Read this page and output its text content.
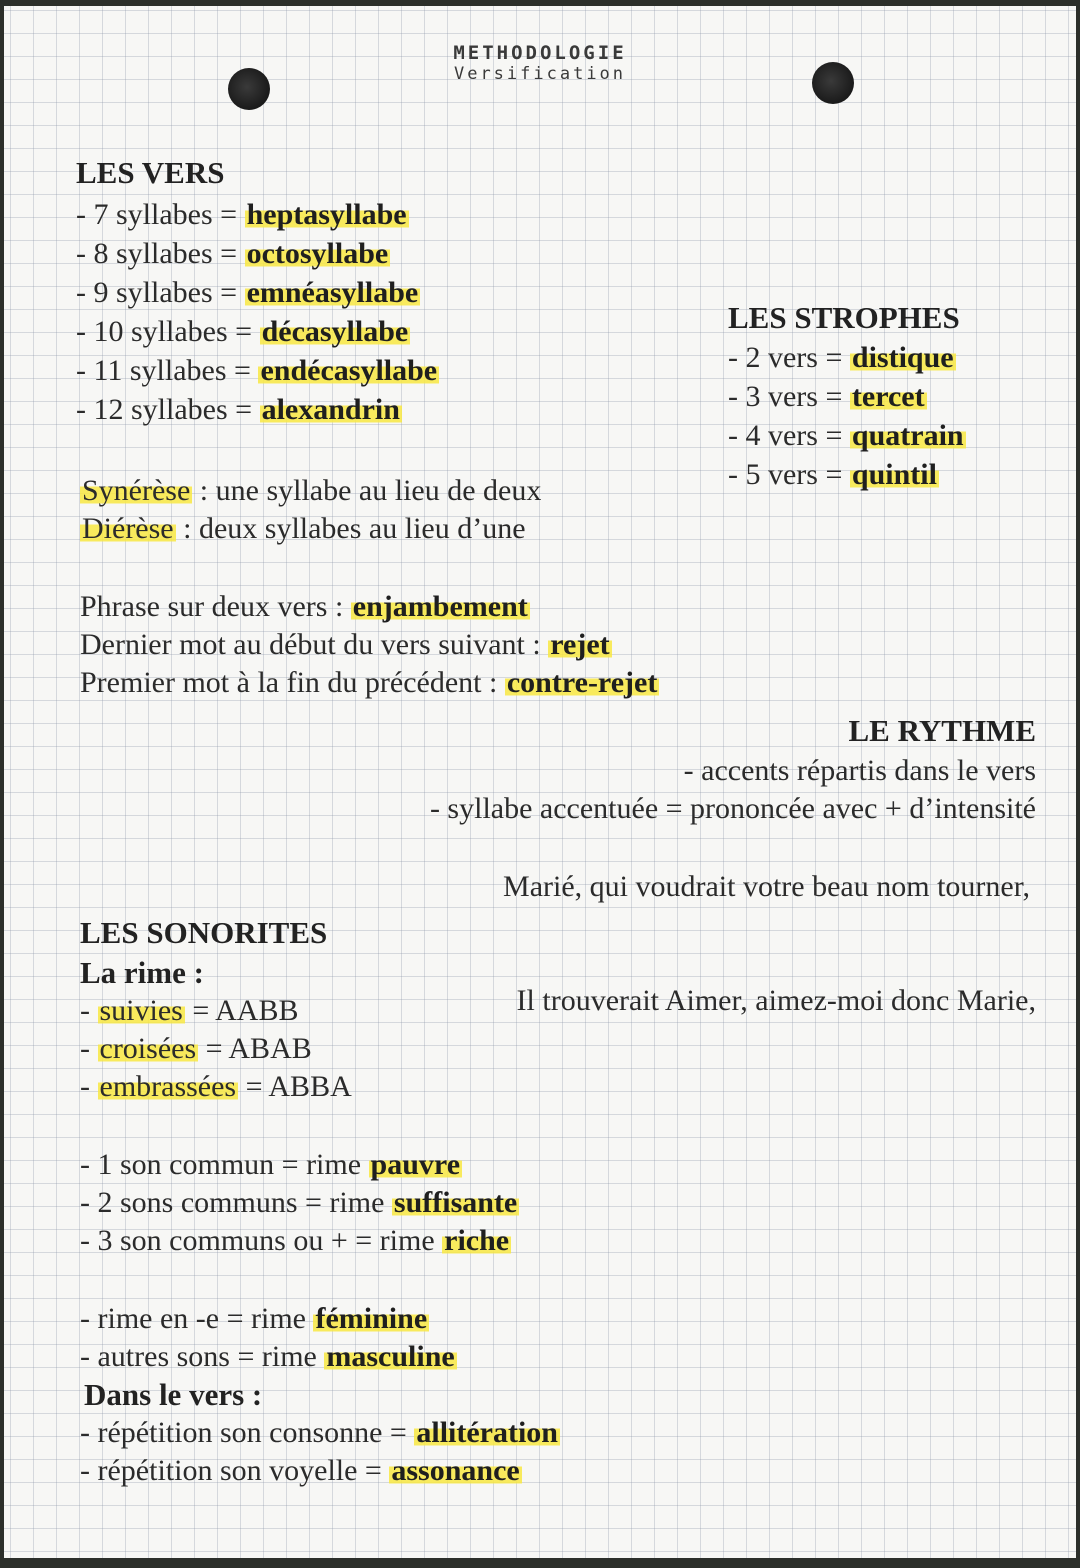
METHODOLOGIE
Versification
LES VERS
- 7 syllabes = heptasyllabe
- 8 syllabes = octosyllabe
- 9 syllabes = emnéasyllabe
- 10 syllabes = décasyllabe
- 11 syllabes = endécasyllabe
- 12 syllabes = alexandrin
LES STROPHES
- 2 vers = distique
- 3 vers = tercet
- 4 vers = quatrain
- 5 vers = quintil
Synérèse : une syllabe au lieu de deux
Diérèse : deux syllabes au lieu d’une
Phrase sur deux vers : enjambement
Dernier mot au début du vers suivant : rejet
Premier mot à la fin du précédent : contre-rejet
LE RYTHME
- accents répartis dans le vers
- syllabe accentuée = prononcée avec + d’intensité
Marié, qui voudrait votre beau nom tourner,
Il trouverait Aimer, aimez-moi donc Marie,
LES SONORITES
La rime :
- suivies = AABB
- croisées = ABAB
- embrassées = ABBA
- 1 son commun = rime pauvre
- 2 sons communs = rime suffisante
- 3 son communs ou + = rime riche
- rime en -e = rime féminine
- autres sons = rime masculine
Dans le vers :
- répétition son consonne = allitération
- répétition son voyelle = assonance
